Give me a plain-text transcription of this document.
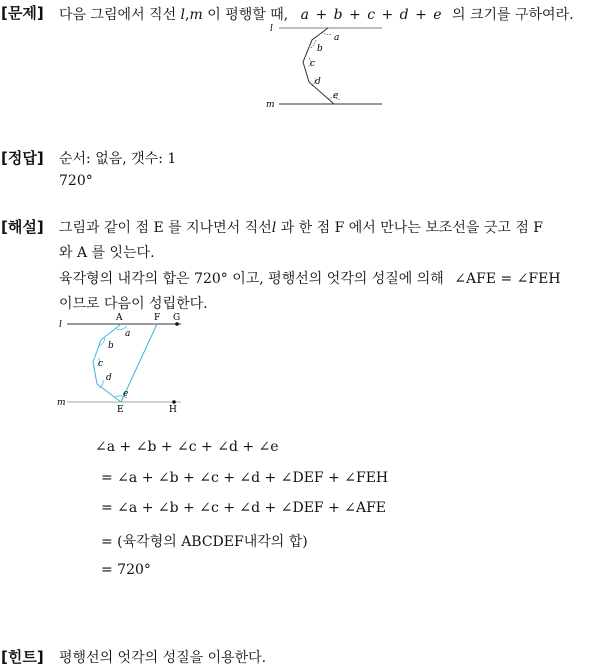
[문제] 다음 그림에서 직선 l,m 이 평행할 때, a + b + c + d + e 의 크기를 구하여라.
l
m
a
b
c
d
e
[정답] 순서: 없음, 갯수: 1
720°
[해설] 그림과 같이 점 E 를 지나면서 직선l 과 한 점 F 에서 만나는 보조선을 긋고 점 F
와 A 를 잇는다.
육각형의 내각의 합은 720° 이고, 평행선의 엇각의 성질에 의해 ∠AFE = ∠FEH
이므로 다음이 성립한다.
l
m
A	F G
E	H
a
b
c
d
e
∠a + ∠b + ∠c + ∠d + ∠e
= ∠a + ∠b + ∠c + ∠d + ∠DEF + ∠FEH
= ∠a + ∠b + ∠c + ∠d + ∠DEF + ∠AFE
= (육각형의 ABCDEF내각의 합)
= 720°
[힌트] 평행선의 엇각의 성질을 이용한다.
